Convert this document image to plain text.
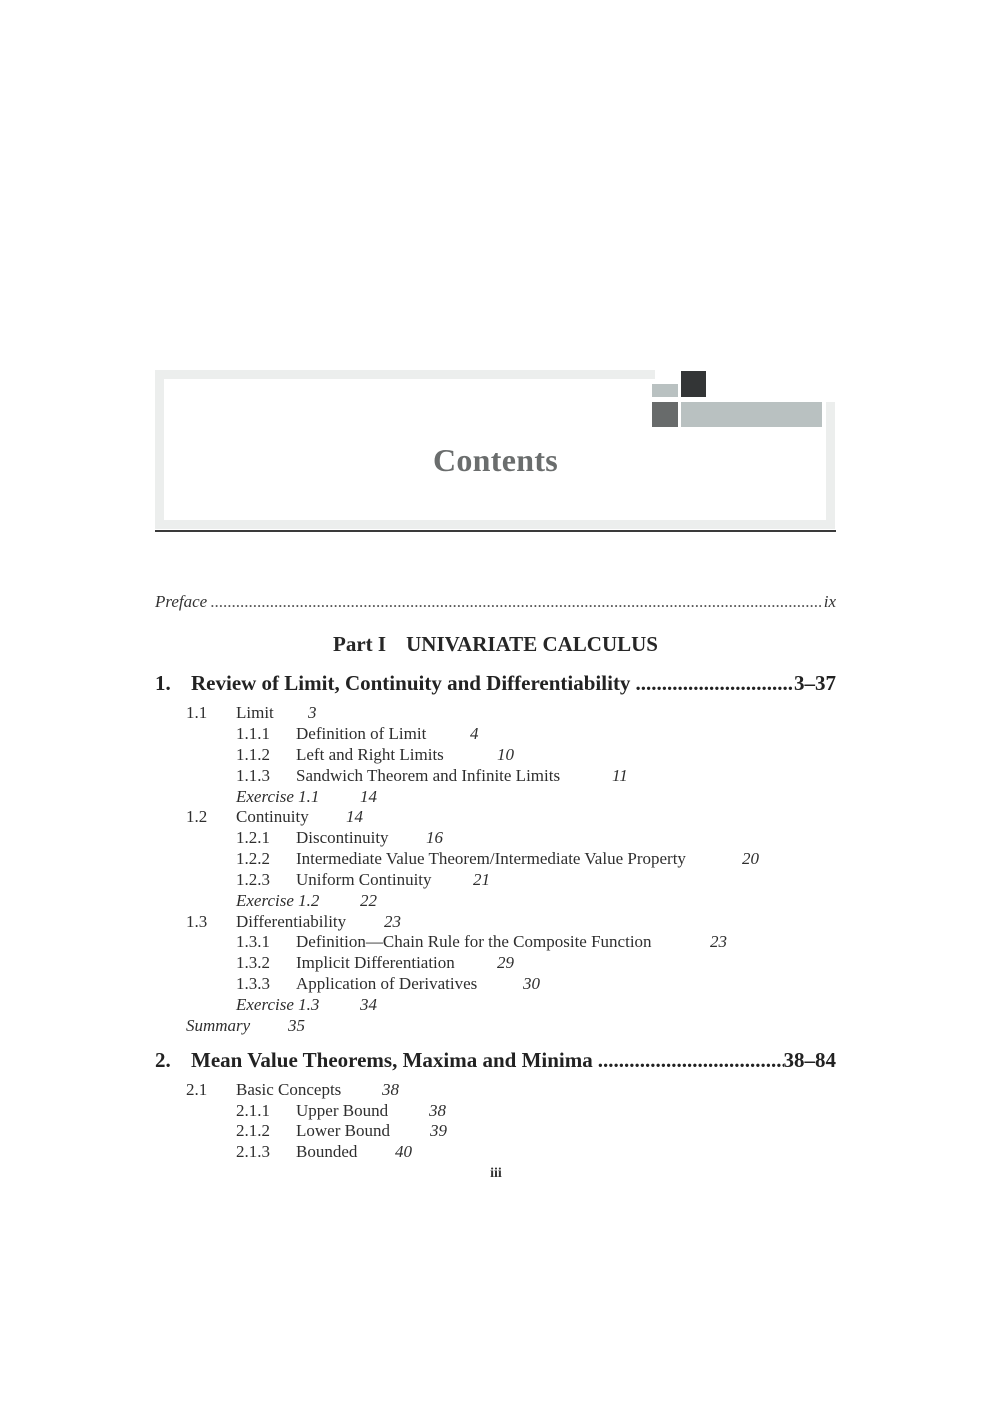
Contents
Preface .....	ix
Part I UNIVARIATE CALCULUS
1. Review of Limit, Continuity and Differentiability .....	3–37
1.1 Limit 3
1.1.1 Definition of Limit	4
1.1.2 Left and Right Limits	10
1.1.3 Sandwich Theorem and Infinite Limits	11
Exercise 1.1 14
1.2 Continuity 14
1.2.1 Discontinuity 16
1.2.2 Intermediate Value Theorem/Intermediate Value Property	20
1.2.3 Uniform Continuity 21
Exercise 1.2 22
1.3 Differentiability 23
1.3.1 Definition—Chain Rule for the Composite Function	23
1.3.2 Implicit Differentiation 29
1.3.3 Application of Derivatives	30
Exercise 1.3 34
Summary 35
2. Mean Value Theorems, Maxima and Minima .....	38–84
2.1 Basic Concepts 38
2.1.1 Upper Bound 38
2.1.2 Lower Bound 39
2.1.3 Bounded 40
iii
